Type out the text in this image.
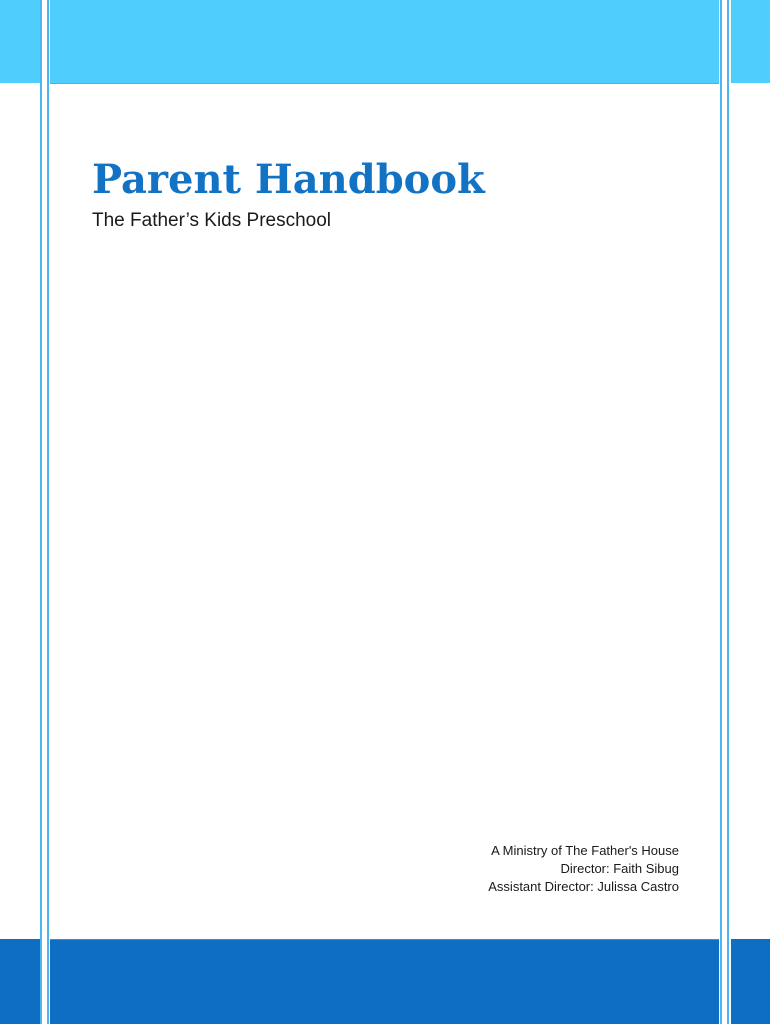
Parent Handbook

The Father’s Kids Preschool

A Ministry of The Father's House
Director: Faith Sibug
Assistant Director: Julissa Castro
